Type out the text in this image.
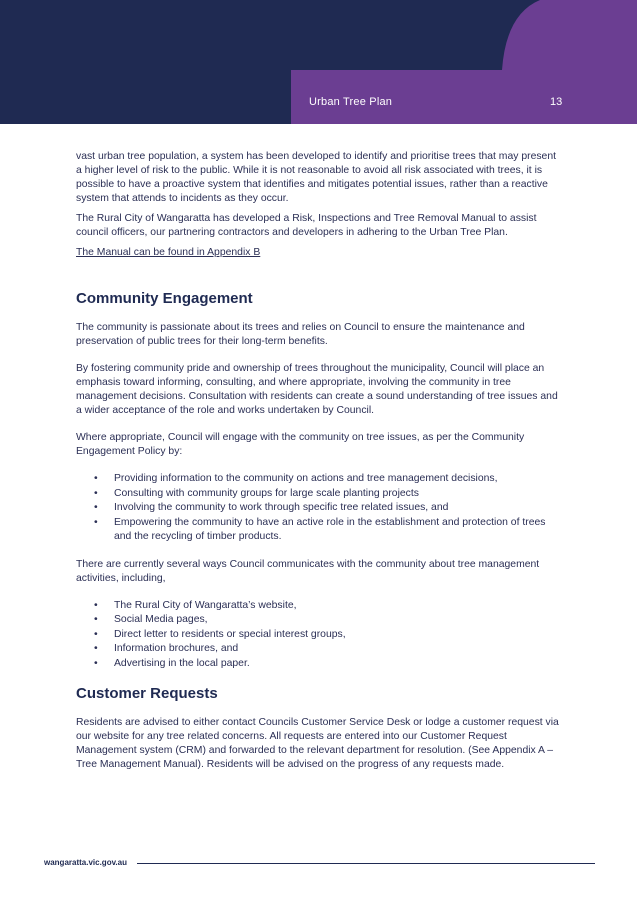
Urban Tree Plan	13

vast urban tree population, a system has been developed to identify and prioritise trees that may present a higher level of risk to the public. While it is not reasonable to avoid all risk associated with trees, it is possible to have a proactive system that identifies and mitigates potential issues, rather than a reactive system that attends to incidents as they occur.

The Rural City of Wangaratta has developed a Risk, Inspections and Tree Removal Manual to assist council officers, our partnering contractors and developers in adhering to the Urban Tree Plan.

The Manual can be found in Appendix B
Community Engagement

The community is passionate about its trees and relies on Council to ensure the maintenance and preservation of public trees for their long-term benefits.

By fostering community pride and ownership of trees throughout the municipality, Council will place an emphasis toward informing, consulting, and where appropriate, involving the community in tree management decisions. Consultation with residents can create a sound understanding of tree issues and a wider acceptance of the role and works undertaken by Council.

Where appropriate, Council will engage with the community on tree issues, as per the Community Engagement Policy by:

• Providing information to the community on actions and tree management decisions,
• Consulting with community groups for large scale planting projects
• Involving the community to work through specific tree related issues, and
• Empowering the community to have an active role in the establishment and protection of trees and the recycling of timber products.

There are currently several ways Council communicates with the community about tree management activities, including,

• The Rural City of Wangaratta’s website,
• Social Media pages,
• Direct letter to residents or special interest groups,
• Information brochures, and
• Advertising in the local paper.
Customer Requests

Residents are advised to either contact Councils Customer Service Desk or lodge a customer request via our website for any tree related concerns. All requests are entered into our Customer Request Management system (CRM) and forwarded to the relevant department for resolution. (See Appendix A – Tree Management Manual). Residents will be advised on the progress of any requests made.

wangaratta.vic.gov.au
